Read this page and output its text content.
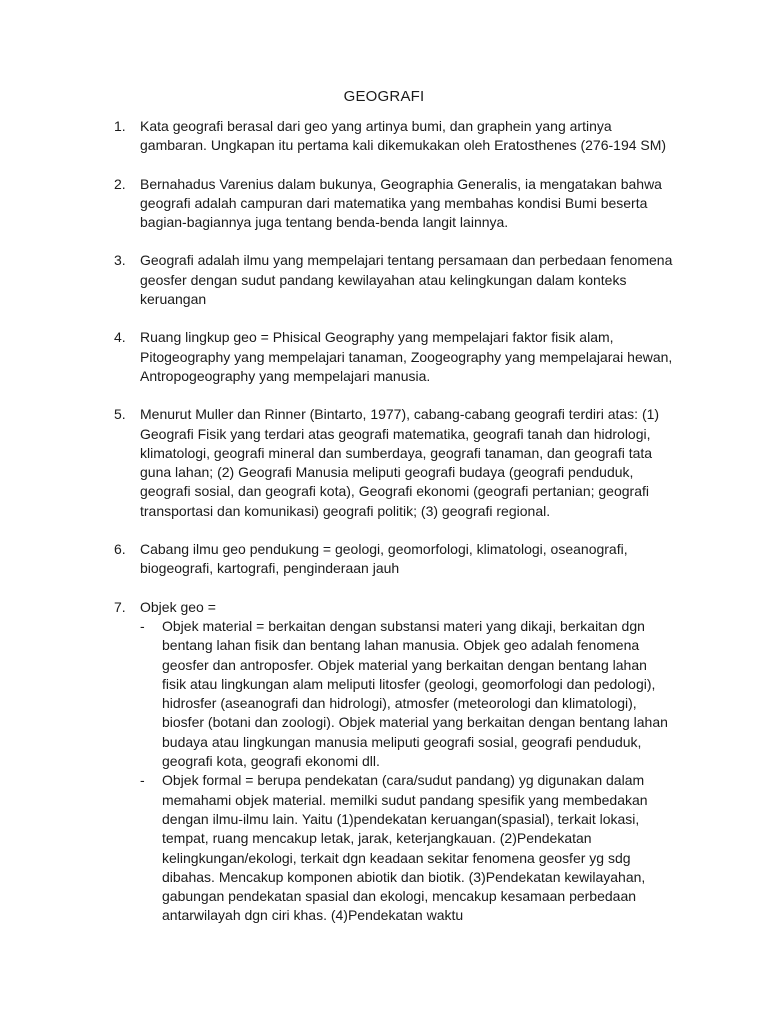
GEOGRAFI
1. Kata geografi berasal dari geo yang artinya bumi, dan graphein yang artinya gambaran. Ungkapan itu pertama kali dikemukakan oleh Eratosthenes (276-194 SM)
2. Bernahadus Varenius dalam bukunya, Geographia Generalis, ia mengatakan bahwa geografi adalah campuran dari matematika yang membahas kondisi Bumi beserta bagian-bagiannya juga tentang benda-benda langit lainnya.
3. Geografi adalah ilmu yang mempelajari tentang persamaan dan perbedaan fenomena geosfer dengan sudut pandang kewilayahan atau kelingkungan dalam konteks keruangan
4. Ruang lingkup geo = Phisical Geography yang mempelajari faktor fisik alam, Pitogeography yang mempelajari tanaman, Zoogeography yang mempelajarai hewan, Antropogeography yang mempelajari manusia.
5. Menurut Muller dan Rinner (Bintarto, 1977), cabang-cabang geografi terdiri atas: (1) Geografi Fisik yang terdari atas geografi matematika, geografi tanah dan hidrologi, klimatologi, geografi mineral dan sumberdaya, geografi tanaman, dan geografi tata guna lahan; (2) Geografi Manusia meliputi geografi budaya (geografi penduduk, geografi sosial, dan geografi kota), Geografi ekonomi (geografi pertanian; geografi transportasi dan komunikasi) geografi politik; (3) geografi regional.
6. Cabang ilmu geo pendukung = geologi, geomorfologi, klimatologi, oseanografi, biogeografi, kartografi, penginderaan jauh
7. Objek geo =
- Objek material = berkaitan dengan substansi materi yang dikaji, berkaitan dgn bentang lahan fisik dan bentang lahan manusia. Objek geo adalah fenomena geosfer dan antroposfer. Objek material yang berkaitan dengan bentang lahan fisik atau lingkungan alam meliputi litosfer (geologi, geomorfologi dan pedologi), hidrosfer (aseanografi dan hidrologi), atmosfer (meteorologi dan klimatologi), biosfer (botani dan zoologi). Objek material yang berkaitan dengan bentang lahan budaya atau lingkungan manusia meliputi geografi sosial, geografi penduduk, geografi kota, geografi ekonomi dll.
- Objek formal = berupa pendekatan (cara/sudut pandang) yg digunakan dalam memahami objek material. memilki sudut pandang spesifik yang membedakan dengan ilmu-ilmu lain. Yaitu (1)pendekatan keruangan(spasial), terkait lokasi, tempat, ruang mencakup letak, jarak, keterjangkauan. (2)Pendekatan kelingkungan/ekologi, terkait dgn keadaan sekitar fenomena geosfer yg sdg dibahas. Mencakup komponen abiotik dan biotik. (3)Pendekatan kewilayahan, gabungan pendekatan spasial dan ekologi, mencakup kesamaan perbedaan antarwilayah dgn ciri khas. (4)Pendekatan waktu
